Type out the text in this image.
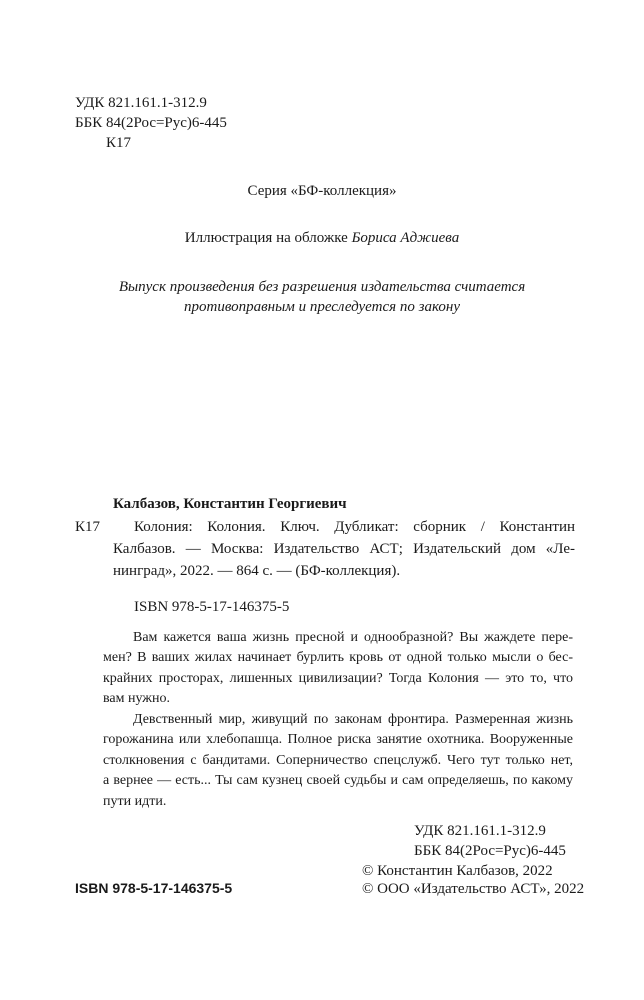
УДК 821.161.1-312.9
ББК 84(2Рос=Рус)6-445
К17
Серия «БФ-коллекция»
Иллюстрация на обложке Бориса Аджиева
Выпуск произведения без разрешения издательства считается
противоправным и преследуется по закону
Калбазов, Константин Георгиевич
К17 Колония: Колония. Ключ. Дубликат: сборник / Константин
Калбазов. — Москва: Издательство АСТ; Издательский дом «Ле-
нинград», 2022. — 864 с. — (БФ-коллекция).
ISBN 978-5-17-146375-5
Вам кажется ваша жизнь пресной и однообразной? Вы жаждете пере-
мен? В ваших жилах начинает бурлить кровь от одной только мысли о бес-
крайних просторах, лишенных цивилизации? Тогда Колония — это то, что
вам нужно.
Девственный мир, живущий по законам фронтира. Размеренная жизнь
горожанина или хлебопашца. Полное риска занятие охотника. Вооруженные
столкновения с бандитами. Соперничество спецслужб. Чего тут только нет,
а вернее — есть... Ты сам кузнец своей судьбы и сам определяешь, по какому
пути идти.
УДК 821.161.1-312.9
ББК 84(2Рос=Рус)6-445
ISBN 978-5-17-146375-5
© Константин Калбазов, 2022
© ООО «Издательство АСТ», 2022
